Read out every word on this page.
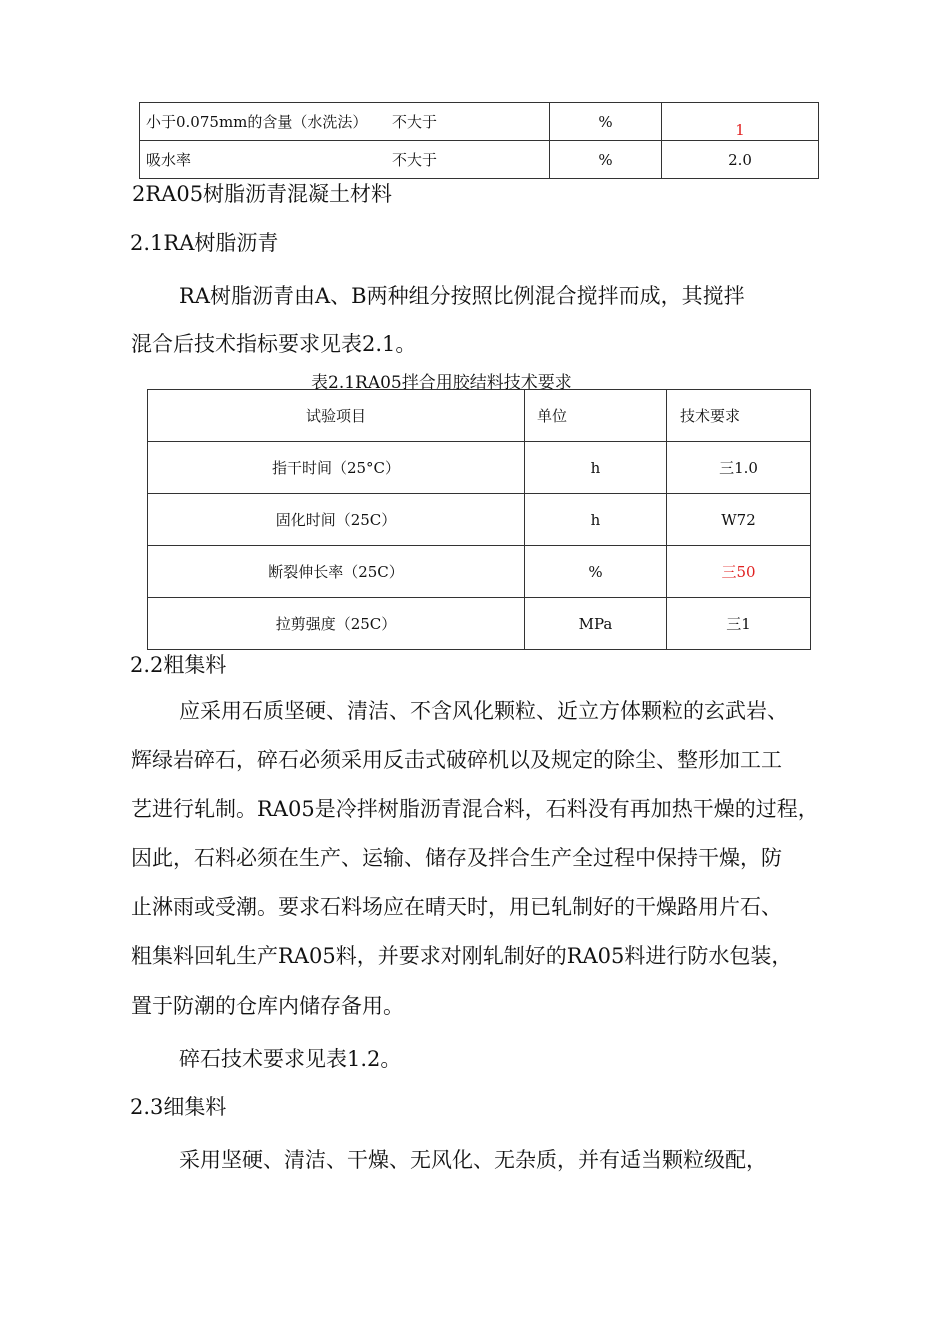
小于0.075mm的含量（水洗法）	不大于	%	1
吸水率	不大于	%	2.0
2RA05树脂沥青混凝土材料
2.1RA树脂沥青
RA树脂沥青由A、B两种组分按照比例混合搅拌而成，其搅拌
混合后技术指标要求见表2.1。
表2.1RA05拌合用胶结料技术要求
试验项目	单位	技术要求
指干时间（25°C）	h	三1.0
固化时间（25C）	h	W72
断裂伸长率（25C）	%	三50
拉剪强度（25C）	MPa	三1
2.2粗集料
应采用石质坚硬、清洁、不含风化颗粒、近立方体颗粒的玄武岩、
辉绿岩碎石，碎石必须采用反击式破碎机以及规定的除尘、整形加工工
艺进行轧制。RA05是冷拌树脂沥青混合料，石料没有再加热干燥的过程，
因此，石料必须在生产、运输、储存及拌合生产全过程中保持干燥，防
止淋雨或受潮。要求石料场应在晴天时，用已轧制好的干燥路用片石、
粗集料回轧生产RA05料，并要求对刚轧制好的RA05料进行防水包装，
置于防潮的仓库内储存备用。
碎石技术要求见表1.2。
2.3细集料
采用坚硬、清洁、干燥、无风化、无杂质，并有适当颗粒级配，
